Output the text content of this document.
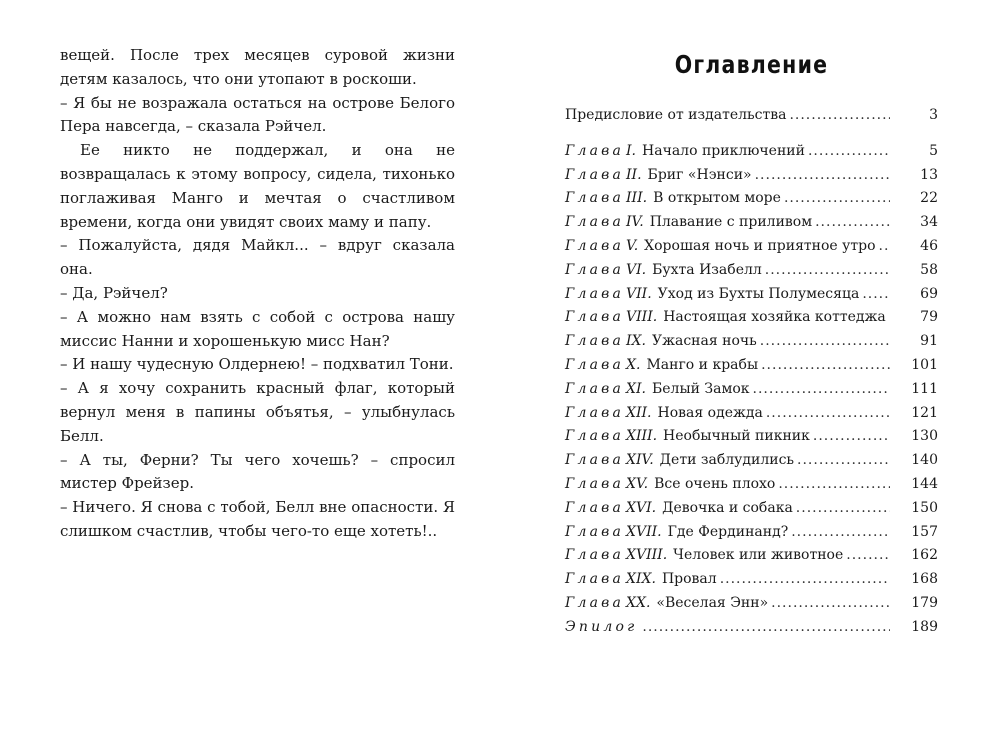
вещей. После трех месяцев суровой жизни детям казалось, что они утопают в роскоши.

– Я бы не возражала остаться на острове Белого Пера навсегда, – сказала Рэйчел.

Ее никто не поддержал, и она не возвращалась к этому вопросу, сидела, тихонько поглаживая Манго и мечтая о счастливом времени, когда они увидят своих маму и папу.

– Пожалуйста, дядя Майкл... – вдруг сказала она.

– Да, Рэйчел?

– А можно нам взять с собой с острова нашу миссис Нанни и хорошенькую мисс Нан?

– И нашу чудесную Олдернею! – подхватил Тони.

– А я хочу сохранить красный флаг, который вернул меня в папины объятья, – улыбнулась Белл.

– А ты, Ферни? Ты чего хочешь? – спросил мистер Фрейзер.

– Ничего. Я снова с тобой, Белл вне опасности. Я слишком счастлив, чтобы чего-то еще хотеть!..

Оглавление
Предисловие от издательства .....	3
Глава I. Начало приключений .....	5
Глава II. Бриг «Нэнси» .....	13
Глава III. В открытом море .....	22
Глава IV. Плавание с приливом .....	34
Глава V. Хорошая ночь и приятное утро .....	46
Глава VI. Бухта Изабелл .....	58
Глава VII. Уход из Бухты Полумесяца .....	69
Глава VIII. Настоящая хозяйка коттеджа .....	79
Глава IX. Ужасная ночь .....	91
Глава X. Манго и крабы .....	101
Глава XI. Белый Замок .....	111
Глава XII. Новая одежда .....	121
Глава XIII. Необычный пикник .....	130
Глава XIV. Дети заблудились .....	140
Глава XV. Все очень плохо .....	144
Глава XVI. Девочка и собака .....	150
Глава XVII. Где Фердинанд? .....	157
Глава XVIII. Человек или животное .....	162
Глава XIX. Провал .....	168
Глава XX. «Веселая Энн» .....	179
Эпилог .....	189
